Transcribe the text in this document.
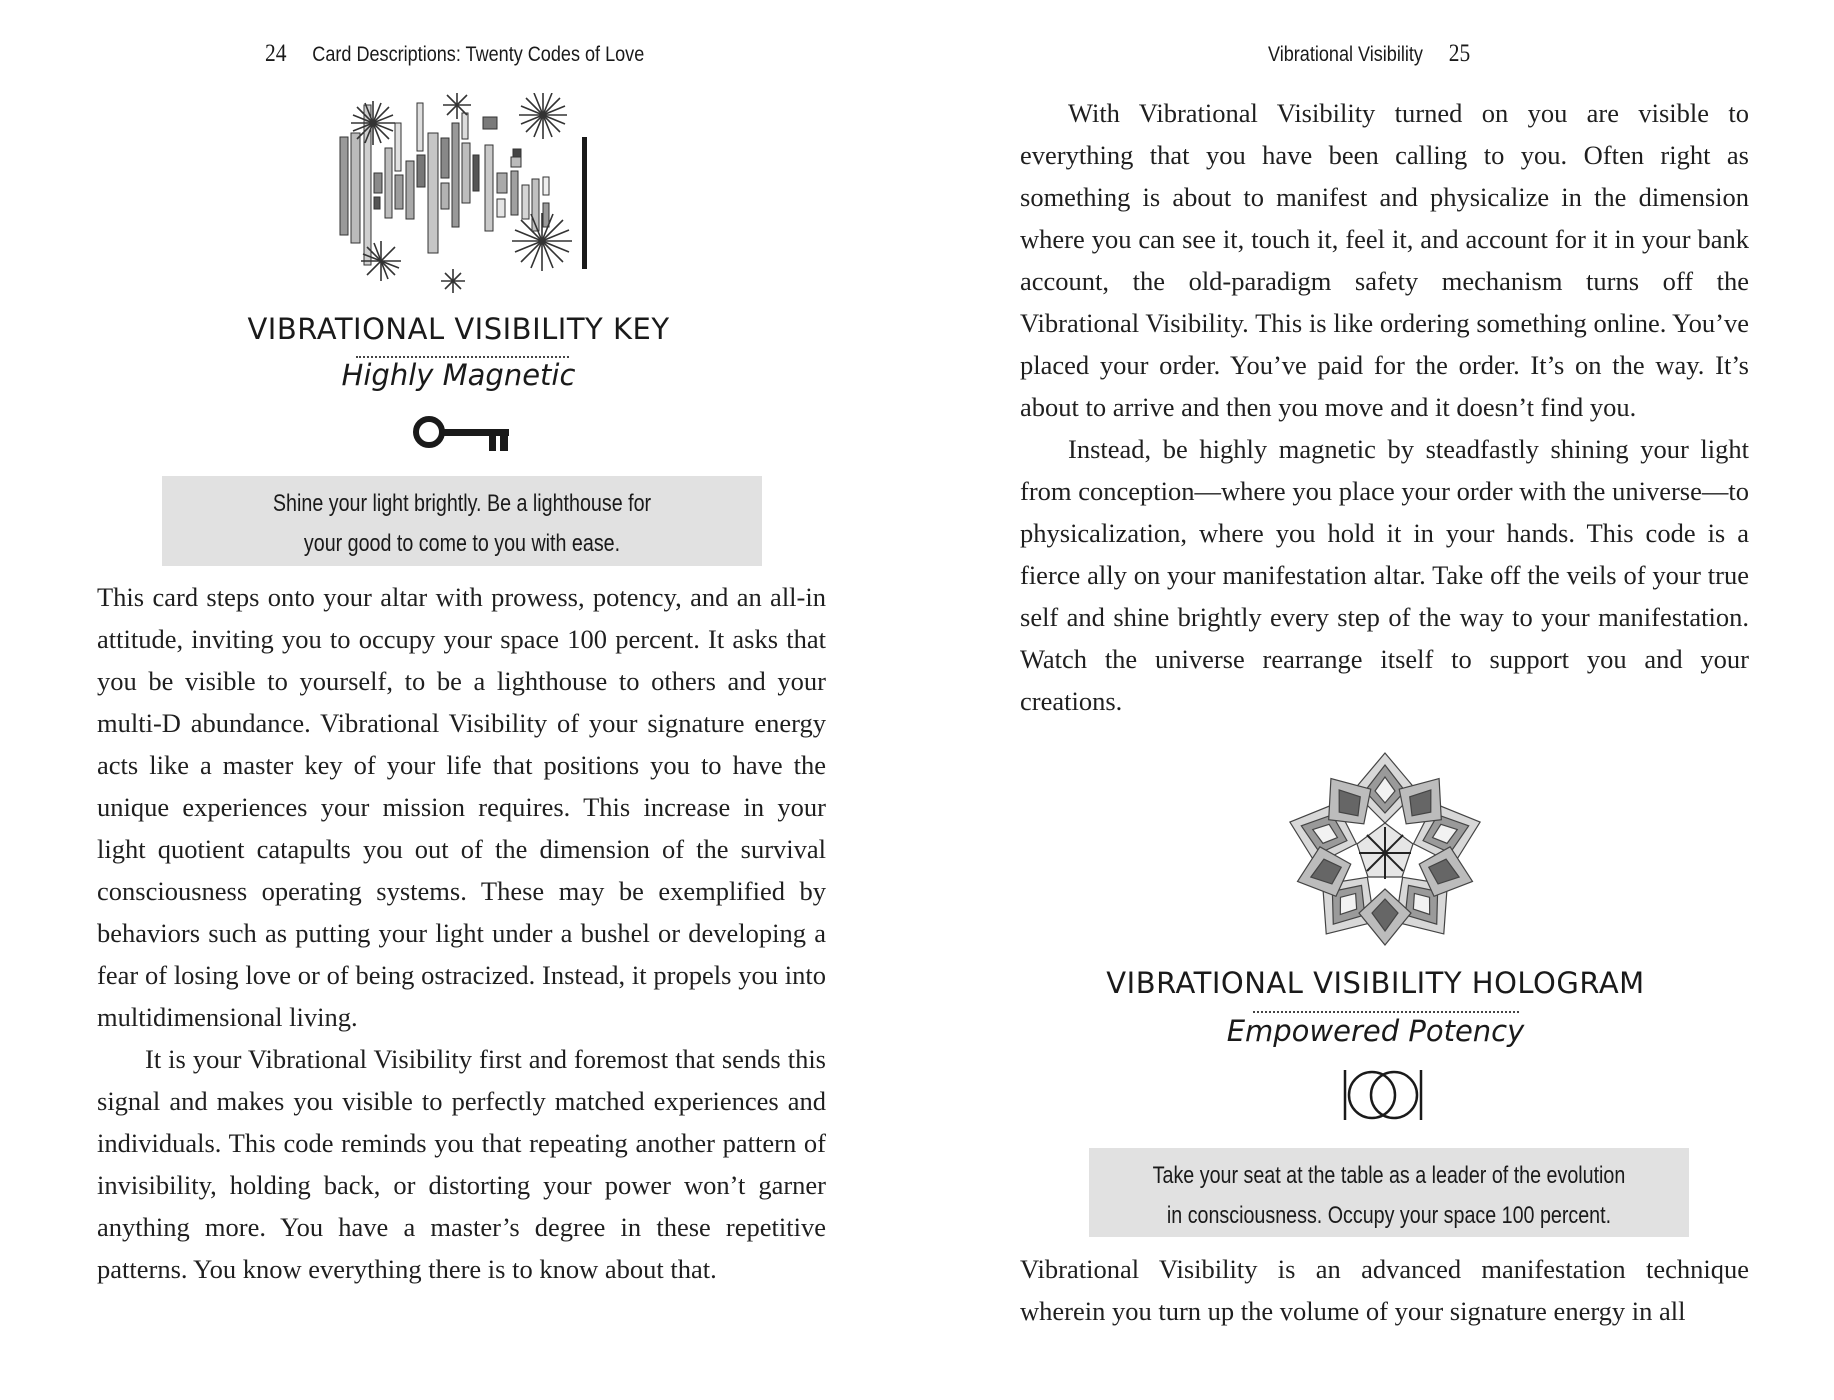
24 Card Descriptions: Twenty Codes of Love
VIBRATIONAL VISIBILITY KEY
Highly Magnetic
Shine your light brightly. Be a lighthouse for
your good to come to you with ease.

This card steps onto your altar with prowess, potency, and an all-in attitude, inviting you to occupy your space 100 percent. It asks that you be visible to yourself, to be a lighthouse to others and your multi-D abundance. Vibrational Visibility of your signature energy acts like a master key of your life that positions you to have the unique experiences your mission requires. This increase in your light quotient catapults you out of the dimension of the survival consciousness operating systems. These may be exemplified by behaviors such as putting your light under a bushel or developing a fear of losing love or of being ostracized. Instead, it propels you into multidimensional living.

It is your Vibrational Visibility first and foremost that sends this signal and makes you visible to perfectly matched experiences and individuals. This code reminds you that repeating another pattern of invisibility, holding back, or distorting your power won’t garner anything more. You have a master’s degree in these repetitive patterns. You know everything there is to know about that.

Vibrational Visibility 25

With Vibrational Visibility turned on you are visible to everything that you have been calling to you. Often right as something is about to manifest and physicalize in the dimension where you can see it, touch it, feel it, and account for it in your bank account, the old-paradigm safety mechanism turns off the Vibrational Visibility. This is like ordering something online. You’ve placed your order. You’ve paid for the order. It’s on the way. It’s about to arrive and then you move and it doesn’t find you.

Instead, be highly magnetic by steadfastly shining your light from conception—where you place your order with the universe—to physicalization, where you hold it in your hands. This code is a fierce ally on your manifestation altar. Take off the veils of your true self and shine brightly every step of the way to your manifestation. Watch the universe rearrange itself to support you and your creations.

VIBRATIONAL VISIBILITY HOLOGRAM
Empowered Potency
Take your seat at the table as a leader of the evolution
in consciousness. Occupy your space 100 percent.

Vibrational Visibility is an advanced manifestation technique wherein you turn up the volume of your signature energy in all
